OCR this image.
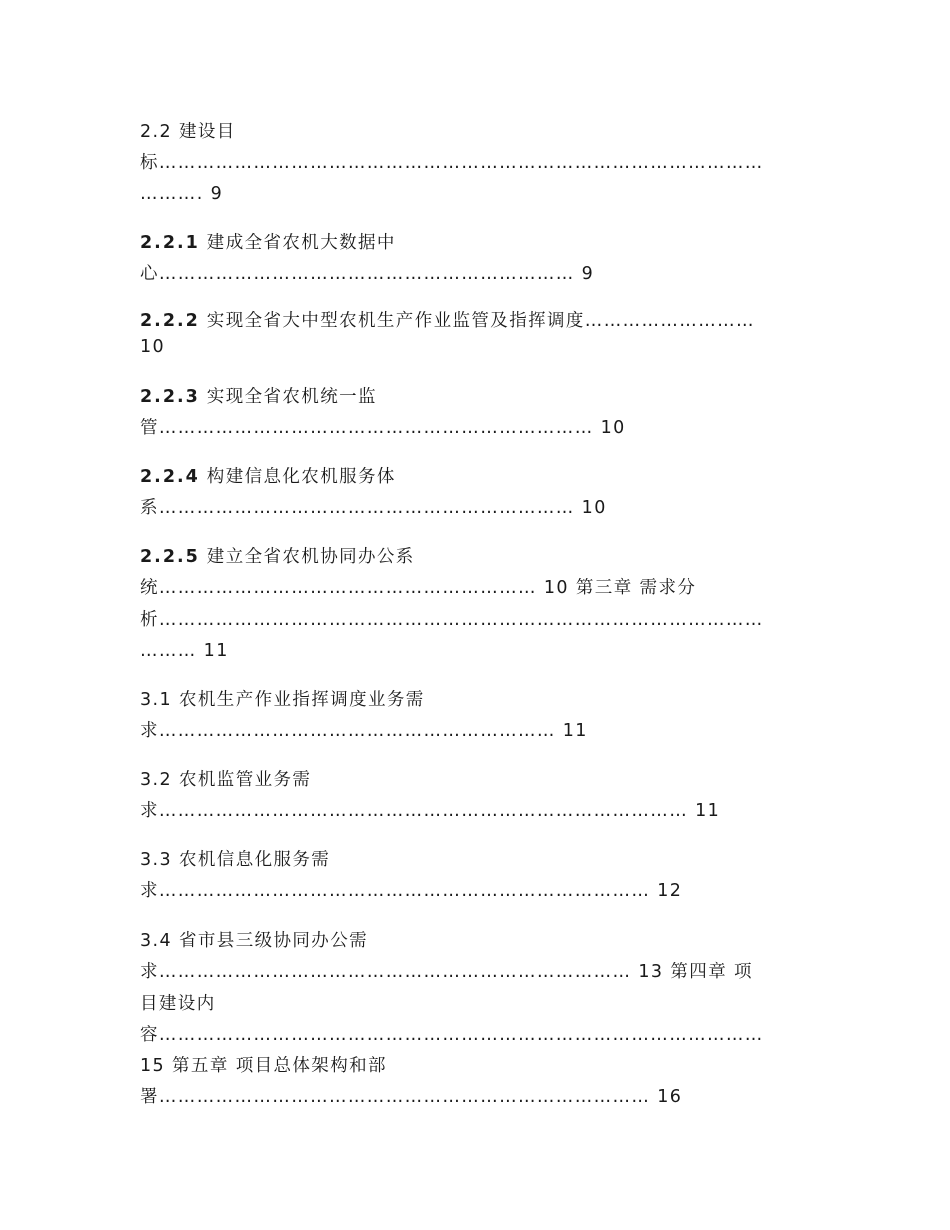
2.2 建设目

标……………………………………………………………………………………

………. 9

2.2.1 建成全省农机大数据中

心………………………………………………………… 9

2.2.2 实现全省大中型农机生产作业监管及指挥调度………………………

10

2.2.3 实现全省农机统一监

管…………………………………………………………… 10

2.2.4 构建信息化农机服务体

系………………………………………………………… 10

2.2.5 建立全省农机协同办公系

统…………………………………………………… 10 第三章 需求分

析……………………………………………………………………………………

……… 11

3.1 农机生产作业指挥调度业务需

求……………………………………………………… 11

3.2 农机监管业务需

求………………………………………………………………………… 11

3.3 农机信息化服务需

求…………………………………………………………………… 12

3.4 省市县三级协同办公需

求………………………………………………………………… 13 第四章 项

目建设内

容……………………………………………………………………………………

15 第五章 项目总体架构和部

署…………………………………………………………………… 16
